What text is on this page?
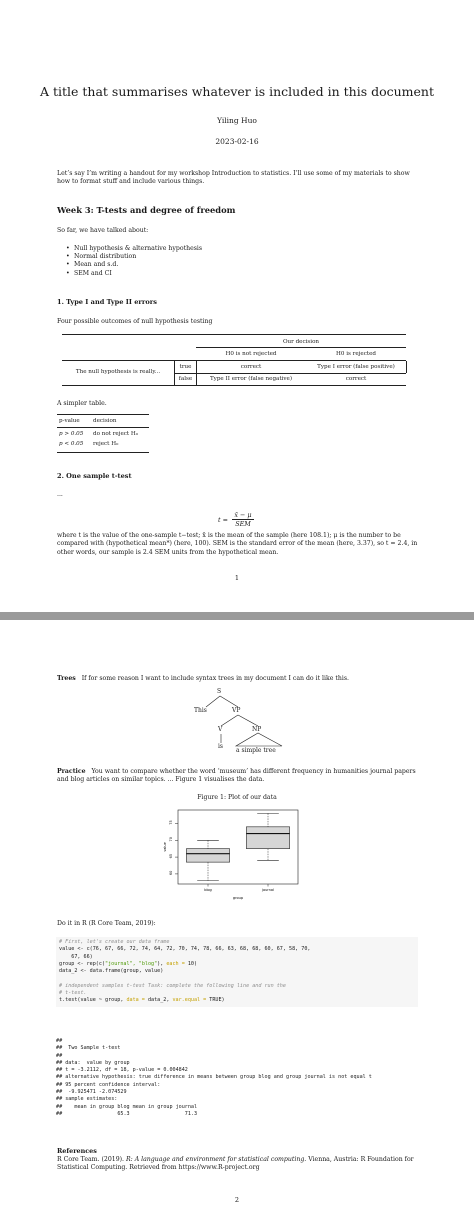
A title that summarises whatever is included in this document
Yiling Huo
2023-02-16
Let’s say I’m writing a handout for my workshop Introduction to statistics. I’ll use some of my materials to show how to format stuff and include various things.
Week 3: T-tests and degree of freedom
So far, we have talked about:
• Null hypothesis & alternative hypothesis
• Normal distribution
• Mean and s.d.
• SEM and CI
1. Type I and Type II errors
Four possible outcomes of null hypothesis testing
Our decision
H0 is not rejected	H0 is rejected
The null hypothesis is really...
true	correct	Type I error (false positive)
false	Type II error (false negative)	correct
A simpler table.
p-value decision
p > 0.05 do not reject H₀
p < 0.05 reject H₀
2. One sample t-test
...
t =
x̄ − μ
SEM
where t is the value of the one-sample t−test; x̄ is the mean of the sample (here 108.1); μ is the number to be compared with (hypothetical mean*) (here, 100). SEM is the standard error of the mean (here, 3.37), so t = 2.4, in other words, our sample is 2.4 SEM units from the hypothetical mean.
1
Trees If for some reason I want to include syntax trees in my document I can do it like this.
S
This	VP
V	NP
is
a simple tree
Practice You want to compare whether the word ‘museum’ has different frequency in humanities journal papers and blog articles on similar topics. ... Figure 1 visualises the data.
Figure 1: Plot of our data
60
65
70
75
blog	journal
group
value
Do it in R (R Core Team, 2019):
# First, let's create our data frame
value <- c(76, 67, 66, 72, 74, 64, 72, 70, 74, 78, 66, 63, 68, 68, 60, 67, 58, 70,
67, 66)
group <- rep(c("journal", "blog"), each = 10)
data_2 <- data.frame(group, value)

# independent samples t-test Task: complete the following line and run the
# t-test.
t.test(value ~ group, data = data_2, var.equal = TRUE)
##
##  Two Sample t-test
##
## data:  value by group
## t = -3.2112, df = 18, p-value = 0.004842
## alternative hypothesis: true difference in means between group blog and group journal is not equal t
## 95 percent confidence interval:
##  -9.925471 -2.074529
## sample estimates:
##    mean in group blog mean in group journal
##                  65.3                  71.3
References
R Core Team. (2019). R: A language and environment for statistical computing. Vienna, Austria: R Foundation for Statistical Computing. Retrieved from https://www.R-project.org
2
